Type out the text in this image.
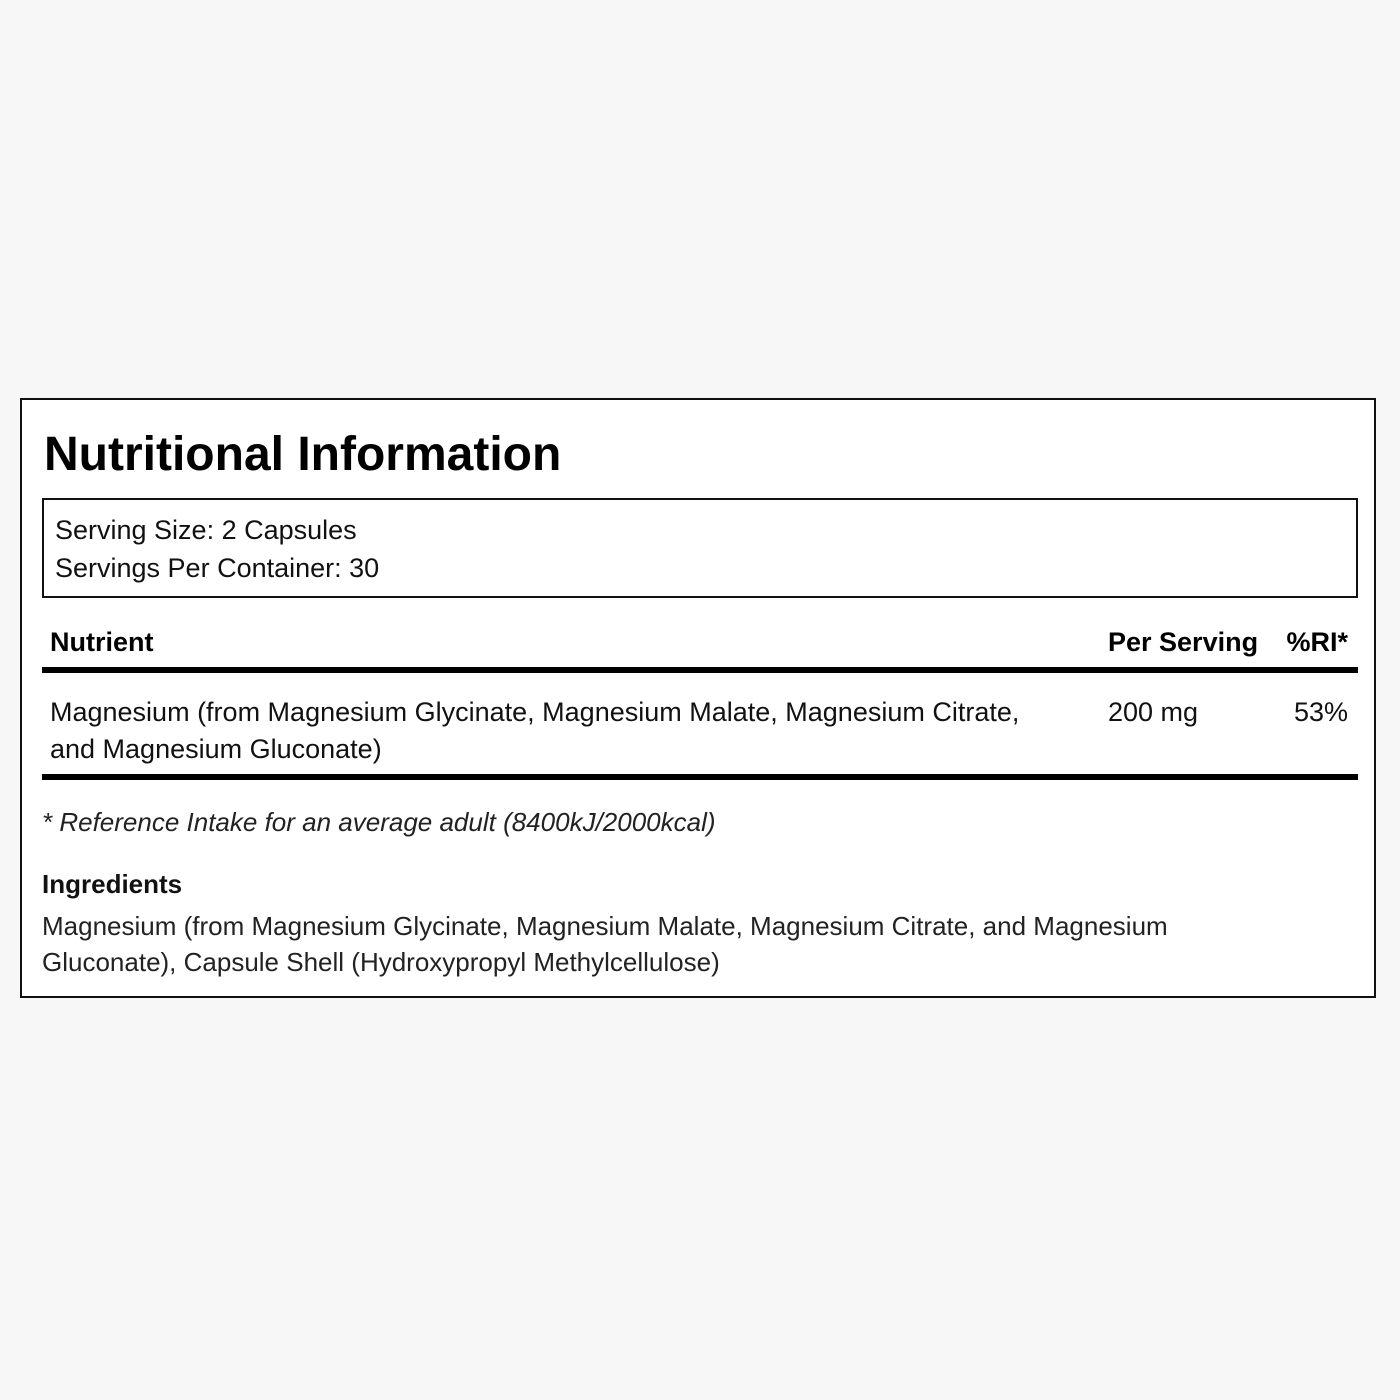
Nutritional Information
Serving Size: 2 Capsules
Servings Per Container: 30
Nutrient	Per Serving %RI*
Magnesium (from Magnesium Glycinate, Magnesium Malate, Magnesium Citrate, and Magnesium Gluconate)
200 mg	53%
* Reference Intake for an average adult (8400kJ/2000kcal)
Ingredients
Magnesium (from Magnesium Glycinate, Magnesium Malate, Magnesium Citrate, and Magnesium Gluconate), Capsule Shell (Hydroxypropyl Methylcellulose)
